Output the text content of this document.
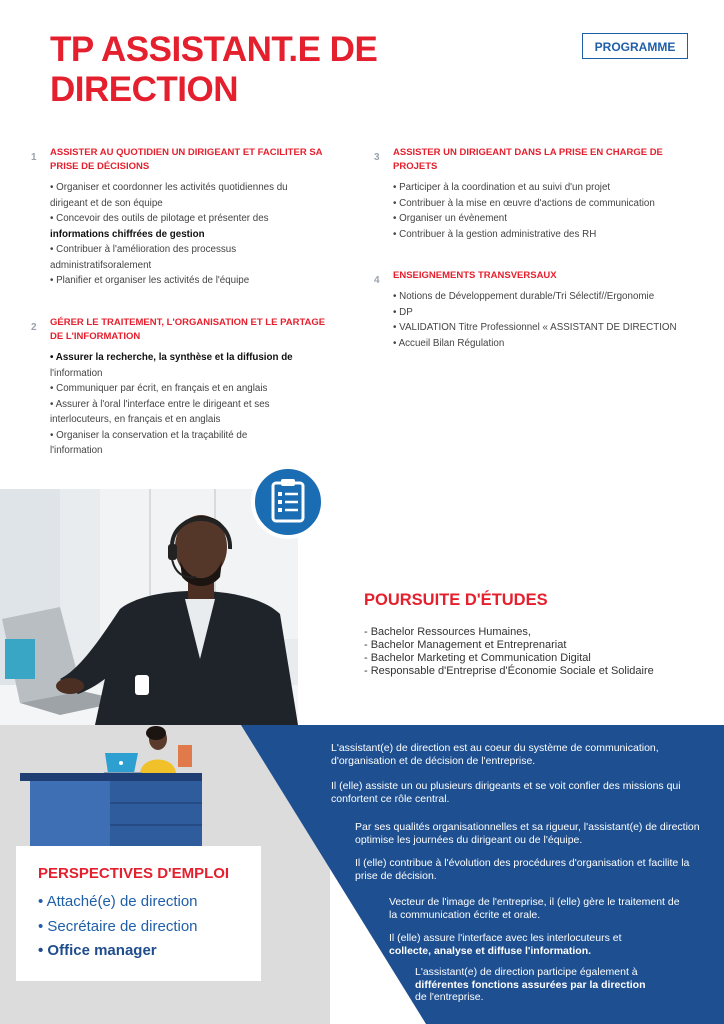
TP ASSISTANT.E DE DIRECTION
PROGRAMME
1 ASSISTER AU QUOTIDIEN UN DIRIGEANT ET FACILITER SA PRISE DE DÉCISIONS

• Organiser et coordonner les activités quotidiennes du

dirigeant et de son équipe

• Concevoir des outils de pilotage et présenter des

informations chiffrées de gestion

• Contribuer à l'amélioration des processus

administratifsoralement

• Planifier et organiser les activités de l'équipe

2 GÉRER LE TRAITEMENT, L'ORGANISATION ET LE PARTAGE DE L'INFORMATION

• Assurer la recherche, la synthèse et la diffusion de

l'information

• Communiquer par écrit, en français et en anglais

• Assurer à l'oral l'interface entre le dirigeant et ses

interlocuteurs, en français et en anglais

• Organiser la conservation et la traçabilité de

l'information

3 ASSISTER UN DIRIGEANT DANS LA PRISE EN CHARGE DE PROJETS

• Participer à la coordination et au suivi d'un projet

• Contribuer à la mise en œuvre d'actions de communication

• Organiser un évènement

• Contribuer à la gestion administrative des RH

4 ENSEIGNEMENTS TRANSVERSAUX

• Notions de Développement durable/Tri Sélectif//Ergonomie

• DP

• VALIDATION Titre Professionnel « ASSISTANT DE DIRECTION

• Accueil Bilan Régulation

POURSUITE D'ÉTUDES
- Bachelor Ressources Humaines,
- Bachelor Management et Entreprenariat
- Bachelor Marketing et Communication Digital
- Responsable d'Entreprise d'Économie Sociale et Solidaire

L'assistant(e) de direction est au coeur du système de communication, d'organisation et de décision de l'entreprise.

Il (elle) assiste un ou plusieurs dirigeants et se voit confier des missions qui confortent ce rôle central.

Par ses qualités organisationnelles et sa rigueur, l'assistant(e) de direction optimise les journées du dirigeant ou de l'équipe.

Il (elle) contribue à l'évolution des procédures d'organisation et facilite la prise de décision.

Vecteur de l'image de l'entreprise, il (elle) gère le traitement de la communication écrite et orale.

Il (elle) assure l'interface avec les interlocuteurs et
collecte, analyse et diffuse l'information.

L'assistant(e) de direction participe également à
différentes fonctions assurées par la direction
de l'entreprise.

PERSPECTIVES D'EMPLOI
• Attaché(e) de direction
• Secrétaire de direction
• Office manager
